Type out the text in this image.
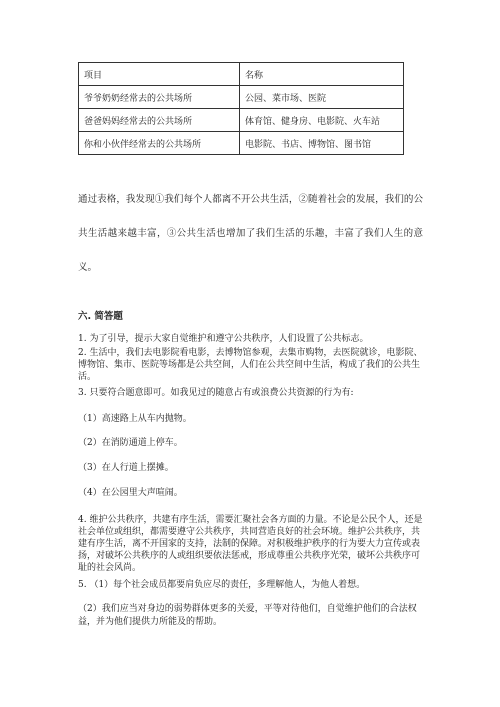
项目	名称
爷爷奶奶经常去的公共场所	公园、菜市场、医院
爸爸妈妈经常去的公共场所	体育馆、健身房、电影院、火车站
你和小伙伴经常去的公共场所	电影院、书店、博物馆、图书馆

通过表格，我发现①我们每个人都离不开公共生活，②随着社会的发展，我们的公共生活越来越丰富，③公共生活也增加了我们生活的乐趣，丰富了我们人生的意义。

六. 简答题

1. 为了引导，提示大家自觉维护和遵守公共秩序，人们设置了公共标志。

2. 生活中，我们去电影院看电影，去博物馆参观，去集市购物，去医院就诊，电影院、博物馆、集市、医院等场都是公共空间，人们在公共空间中生活，构成了我们的公共生活。

3. 只要符合题意即可。如我见过的随意占有或浪费公共资源的行为有:

（1）高速路上从车内抛物。

（2）在消防通道上停车。

（3）在人行道上摆摊。

（4）在公园里大声喧闹。

4. 维护公共秩序，共建有序生活，需要汇聚社会各方面的力量。不论是公民个人，还是社会单位或组织，都需要遵守公共秩序，共同营造良好的社会环境。维护公共秩序，共建有序生活，离不开国家的支持，法制的保障。对积极维护秩序的行为要大力宣传或表扬，对破坏公共秩序的人或组织要依法惩戒，形成尊重公共秩序光荣，破坏公共秩序可耻的社会风尚。

5. （1）每个社会成员都要肩负应尽的责任，多理解他人，为他人着想。

（2）我们应当对身边的弱势群体更多的关爱，平等对待他们，自觉维护他们的合法权益，并为他们提供力所能及的帮助。
